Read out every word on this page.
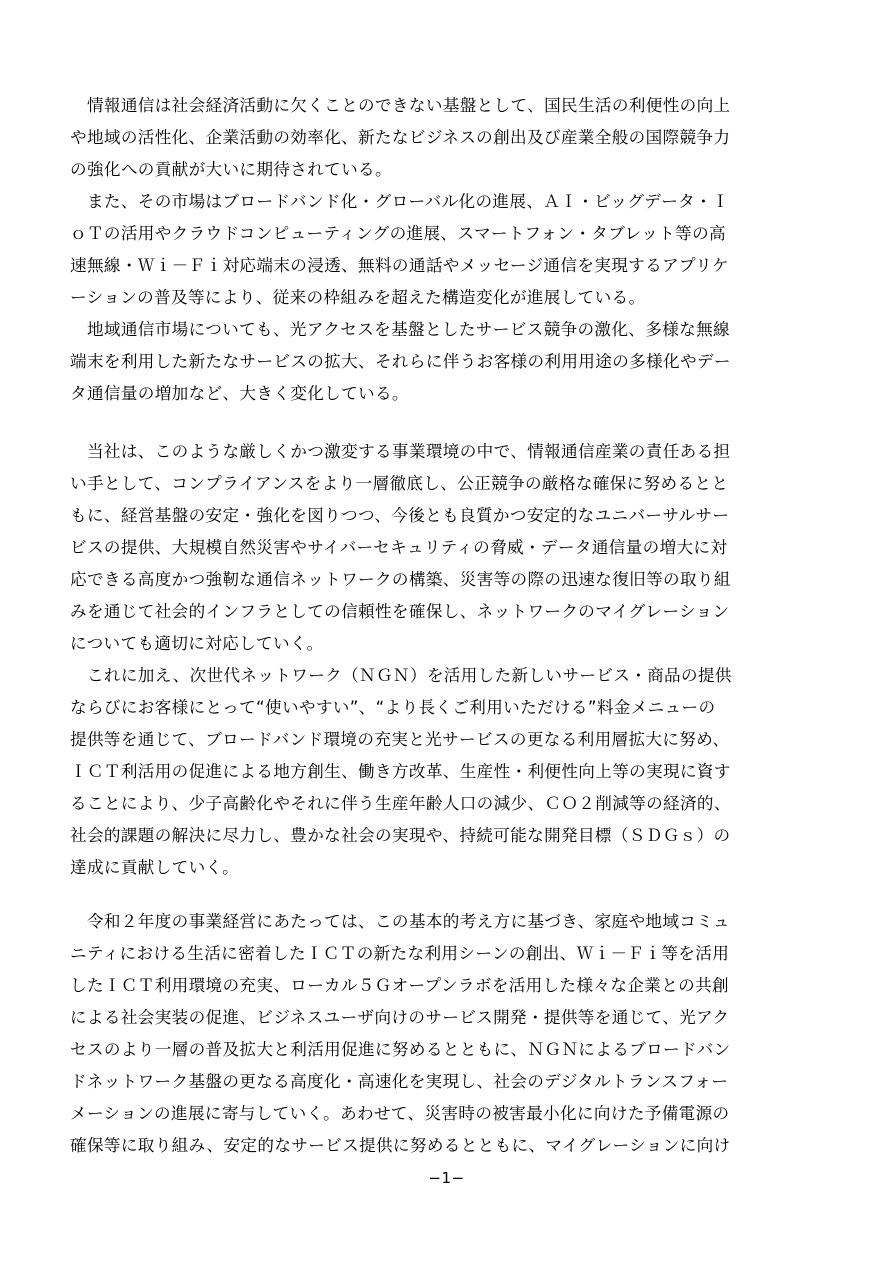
　情報通信は社会経済活動に欠くことのできない基盤として、国民生活の利便性の向上
や地域の活性化、企業活動の効率化、新たなビジネスの創出及び産業全般の国際競争力
の強化への貢献が大いに期待されている。
　また、その市場はブロードバンド化・グローバル化の進展、ＡＩ・ビッグデータ・Ｉ
ｏＴの活用やクラウドコンピューティングの進展、スマートフォン・タブレット等の高
速無線・Ｗｉ－Ｆｉ対応端末の浸透、無料の通話やメッセージ通信を実現するアプリケ
ーションの普及等により、従来の枠組みを超えた構造変化が進展している。
　地域通信市場についても、光アクセスを基盤としたサービス競争の激化、多様な無線
端末を利用した新たなサービスの拡大、それらに伴うお客様の利用用途の多様化やデー
タ通信量の増加など、大きく変化している。
　当社は、このような厳しくかつ激変する事業環境の中で、情報通信産業の責任ある担
い手として、コンプライアンスをより一層徹底し、公正競争の厳格な確保に努めるとと
もに、経営基盤の安定・強化を図りつつ、今後とも良質かつ安定的なユニバーサルサー
ビスの提供、大規模自然災害やサイバーセキュリティの脅威・データ通信量の増大に対
応できる高度かつ強靭な通信ネットワークの構築、災害等の際の迅速な復旧等の取り組
みを通じて社会的インフラとしての信頼性を確保し、ネットワークのマイグレーション
についても適切に対応していく。
　これに加え、次世代ネットワーク（ＮＧＮ）を活用した新しいサービス・商品の提供
ならびにお客様にとって“使いやすい”、“より長くご利用いただける”料金メニューの
提供等を通じて、ブロードバンド環境の充実と光サービスの更なる利用層拡大に努め、
ＩＣＴ利活用の促進による地方創生、働き方改革、生産性・利便性向上等の実現に資す
ることにより、少子高齢化やそれに伴う生産年齢人口の減少、ＣＯ２削減等の経済的、
社会的課題の解決に尽力し、豊かな社会の実現や、持続可能な開発目標（ＳＤＧｓ）の
達成に貢献していく。
　令和２年度の事業経営にあたっては、この基本的考え方に基づき、家庭や地域コミュ
ニティにおける生活に密着したＩＣＴの新たな利用シーンの創出、Ｗｉ－Ｆｉ等を活用
したＩＣＴ利用環境の充実、ローカル５Ｇオープンラボを活用した様々な企業との共創
による社会実装の促進、ビジネスユーザ向けのサービス開発・提供等を通じて、光アク
セスのより一層の普及拡大と利活用促進に努めるとともに、ＮＧＮによるブロードバン
ドネットワーク基盤の更なる高度化・高速化を実現し、社会のデジタルトランスフォー
メーションの進展に寄与していく。あわせて、災害時の被害最小化に向けた予備電源の
確保等に取り組み、安定的なサービス提供に努めるとともに、マイグレーションに向け
−1−
